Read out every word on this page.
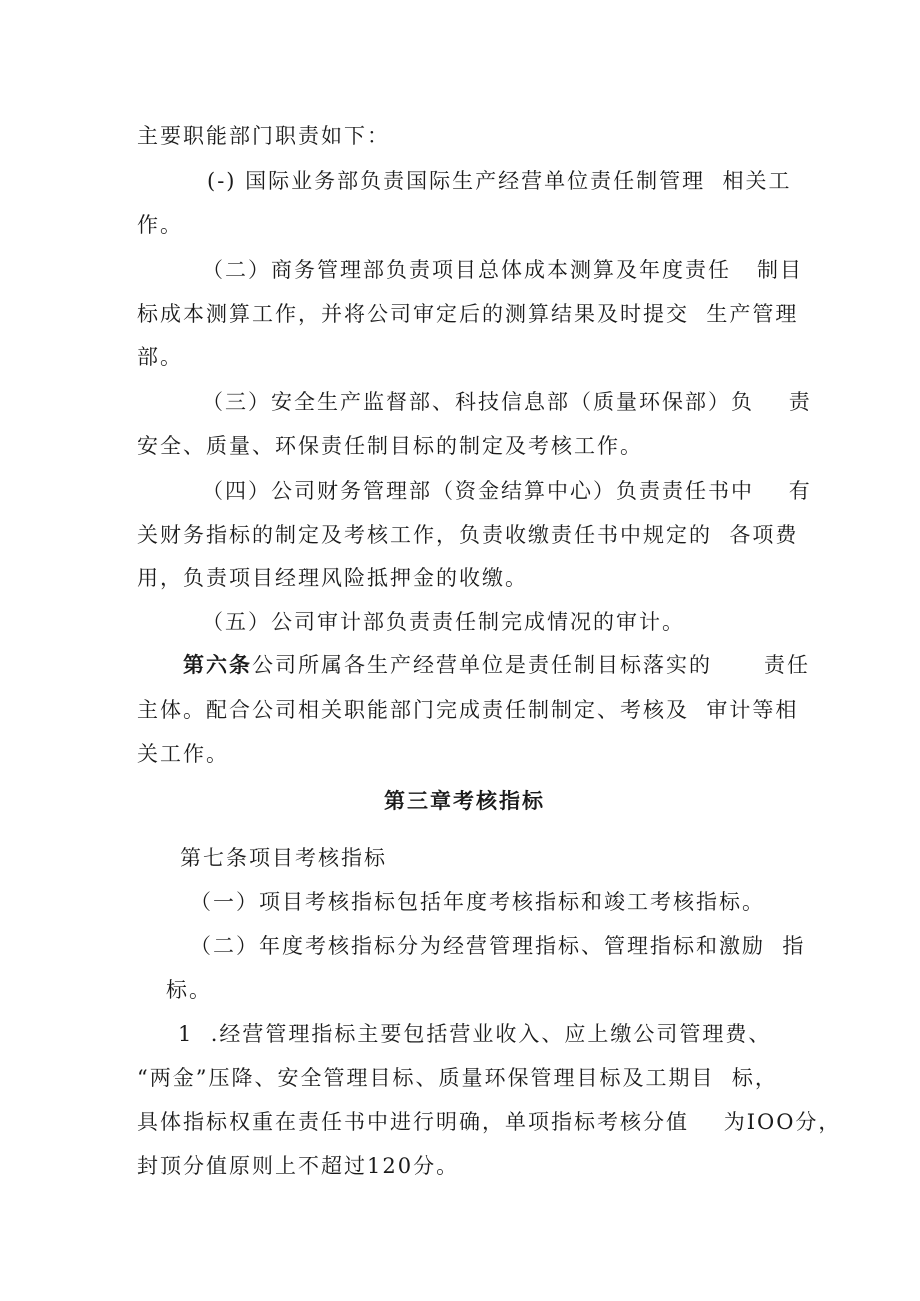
主要职能部门职责如下：
(-) 国际业务部负责国际生产经营单位责任制管理  相关工
作。
（二）商务管理部负责项目总体成本测算及年度责任   制目
标成本测算工作，并将公司审定后的测算结果及时提交  生产管理
部。
（三）安全生产监督部、科技信息部（质量环保部）负    责
安全、质量、环保责任制目标的制定及考核工作。
（四）公司财务管理部（资金结算中心）负责责任书中    有
关财务指标的制定及考核工作，负责收缴责任书中规定的  各项费
用，负责项目经理风险抵押金的收缴。
（五）公司审计部负责责任制完成情况的审计。
第六条公司所属各生产经营单位是责任制目标落实的      责任
主体。配合公司相关职能部门完成责任制制定、考核及  审计等相
关工作。
第三章考核指标
第七条项目考核指标
（一）项目考核指标包括年度考核指标和竣工考核指标。
（二）年度考核指标分为经营管理指标、管理指标和激励  指
标。
1  .经营管理指标主要包括营业收入、应上缴公司管理费、
“两金”压降、安全管理目标、质量环保管理目标及工期目  标，
具体指标权重在责任书中进行明确，单项指标考核分值    为IOO分，
封顶分值原则上不超过120分。
